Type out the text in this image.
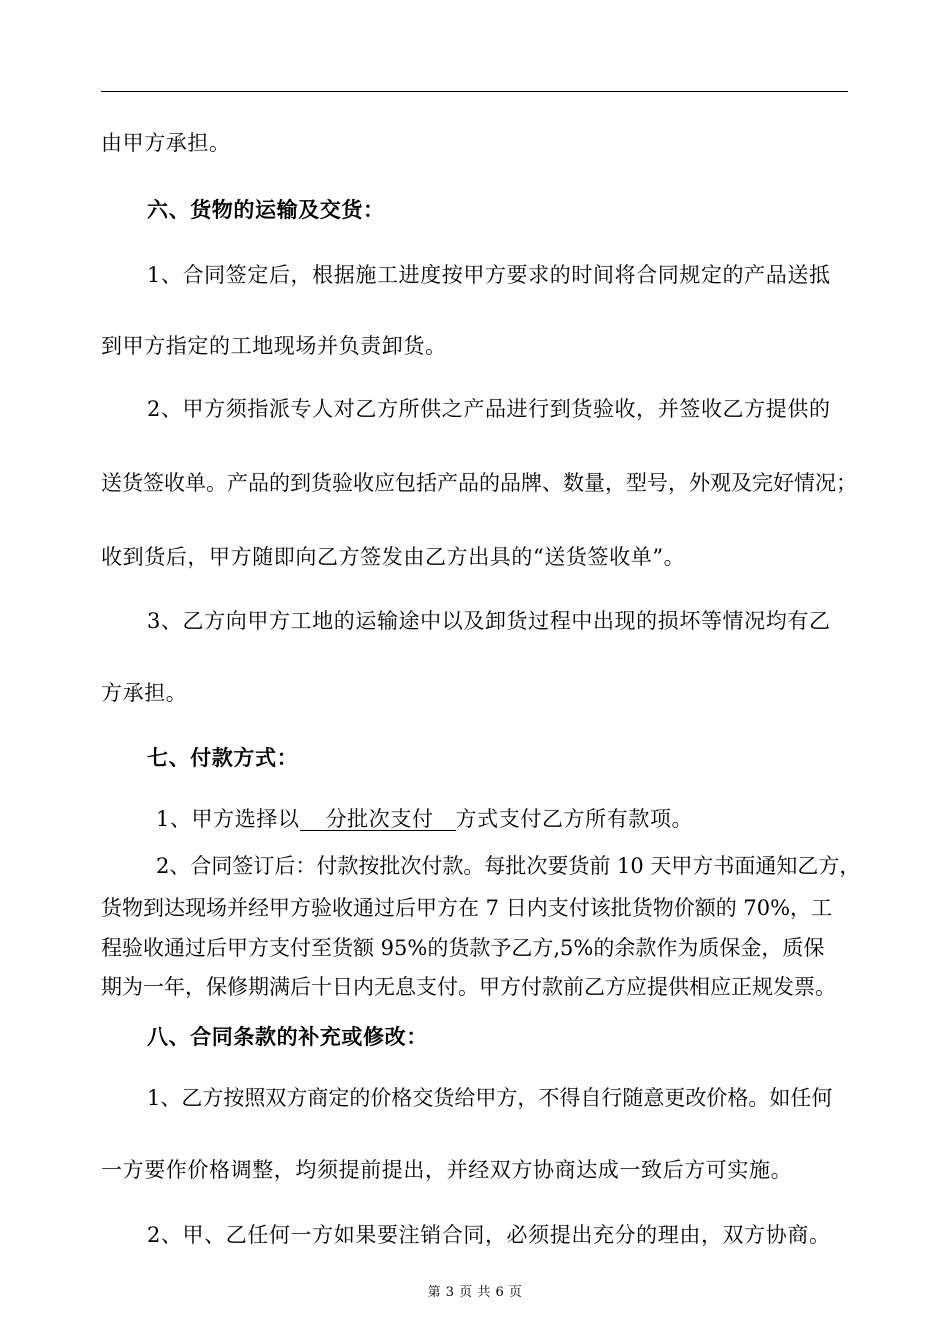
由甲方承担。
六、货物的运输及交货：
1、合同签定后，根据施工进度按甲方要求的时间将合同规定的产品送抵
到甲方指定的工地现场并负责卸货。
2、甲方须指派专人对乙方所供之产品进行到货验收，并签收乙方提供的
送货签收单。产品的到货验收应包括产品的品牌、数量，型号，外观及完好情况；
收到货后，甲方随即向乙方签发由乙方出具的“送货签收单”。
3、乙方向甲方工地的运输途中以及卸货过程中出现的损坏等情况均有乙
方承担。
七、付款方式：
1、甲方选择以 分批次支付 方式支付乙方所有款项。
2、合同签订后：付款按批次付款。每批次要货前 10 天甲方书面通知乙方，
货物到达现场并经甲方验收通过后甲方在 7 日内支付该批货物价额的 70%，工
程验收通过后甲方支付至货额 95%的货款予乙方,5%的余款作为质保金，质保
期为一年，保修期满后十日内无息支付。甲方付款前乙方应提供相应正规发票。
八、合同条款的补充或修改：
1、乙方按照双方商定的价格交货给甲方，不得自行随意更改价格。如任何
一方要作价格调整，均须提前提出，并经双方协商达成一致后方可实施。
2、甲、乙任何一方如果要注销合同，必须提出充分的理由，双方协商。
第 3 页 共 6 页
